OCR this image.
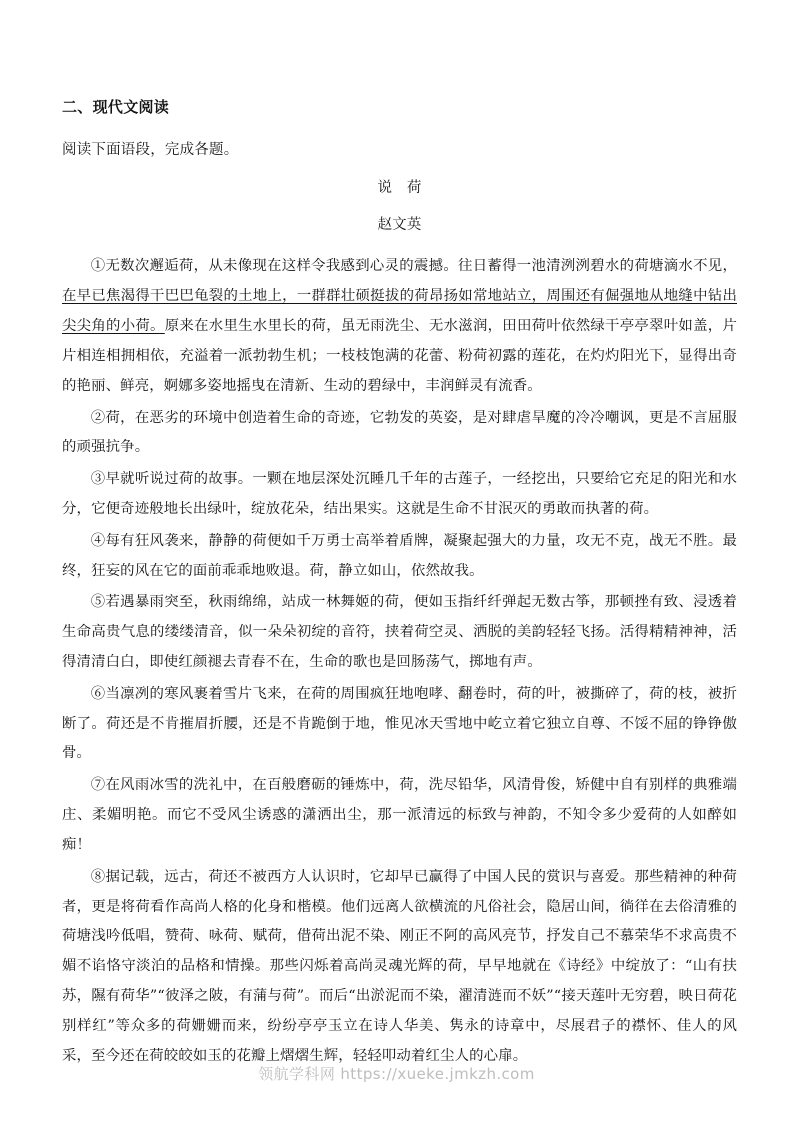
二、现代文阅读

阅读下面语段，完成各题。

说　荷

赵文英

①无数次邂逅荷，从未像现在这样令我感到心灵的震撼。往日蓄得一池清洌洌碧水的荷塘滴水不见，在早已焦渴得干巴巴龟裂的土地上，一群群壮硕挺拔的荷昂扬如常地站立，周围还有倔强地从地缝中钻出尖尖角的小荷。原来在水里生水里长的荷，虽无雨洗尘、无水滋润，田田荷叶依然绿干亭亭翠叶如盖，片片相连相拥相依，充溢着一派勃勃生机；一枝枝饱满的花蕾、粉荷初露的莲花，在灼灼阳光下，显得出奇的艳丽、鲜亮，婀娜多姿地摇曳在清新、生动的碧绿中，丰润鲜灵有流香。

②荷，在恶劣的环境中创造着生命的奇迹，它勃发的英姿，是对肆虐旱魔的冷冷嘲讽，更是不言屈服的顽强抗争。

③早就听说过荷的故事。一颗在地层深处沉睡几千年的古莲子，一经挖出，只要给它充足的阳光和水分，它便奇迹般地长出绿叶，绽放花朵，结出果实。这就是生命不甘泯灭的勇敢而执著的荷。

④每有狂风袭来，静静的荷便如千万勇士高举着盾牌，凝聚起强大的力量，攻无不克，战无不胜。最终，狂妄的风在它的面前乖乖地败退。荷，静立如山，依然故我。

⑤若遇暴雨突至，秋雨绵绵，站成一林舞姬的荷，便如玉指纤纤弹起无数古筝，那顿挫有致、浸透着生命高贵气息的缕缕清音，似一朵朵初绽的音符，挟着荷空灵、洒脱的美韵轻轻飞扬。活得精精神神，活得清清白白，即使红颜褪去青春不在，生命的歌也是回肠荡气，掷地有声。

⑥当凛冽的寒风裹着雪片飞来，在荷的周围疯狂地咆哮、翻卷时，荷的叶，被撕碎了，荷的枝，被折断了。荷还是不肯摧眉折腰，还是不肯跪倒于地，惟见冰天雪地中屹立着它独立自尊、不馁不屈的铮铮傲骨。

⑦在风雨冰雪的洗礼中，在百般磨砺的锤炼中，荷，洗尽铅华，风清骨俊，矫健中自有别样的典雅端庄、柔媚明艳。而它不受风尘诱惑的潇洒出尘，那一派清远的标致与神韵，不知令多少爱荷的人如醉如痴！

⑧据记载，远古，荷还不被西方人认识时，它却早已赢得了中国人民的赏识与喜爱。那些精神的种荷者，更是将荷看作高尚人格的化身和楷模。他们远离人欲横流的凡俗社会，隐居山间，徜徉在去俗清雅的荷塘浅吟低唱，赞荷、咏荷、赋荷，借荷出泥不染、刚正不阿的高风亮节，抒发自己不慕荣华不求高贵不媚不谄恪守淡泊的品格和情操。那些闪烁着高尚灵魂光辉的荷，早早地就在《诗经》中绽放了：“山有扶苏，隰有荷华”“彼泽之陂，有蒲与荷”。而后“出淤泥而不染，濯清涟而不妖”“接天莲叶无穷碧，映日荷花别样红”等众多的荷姗姗而来，纷纷亭亭玉立在诗人华美、隽永的诗章中，尽展君子的襟怀、佳人的风采，至今还在荷皎皎如玉的花瓣上熠熠生辉，轻轻叩动着红尘人的心扉。

领航学科网 https://xueke.jmkzh.com
